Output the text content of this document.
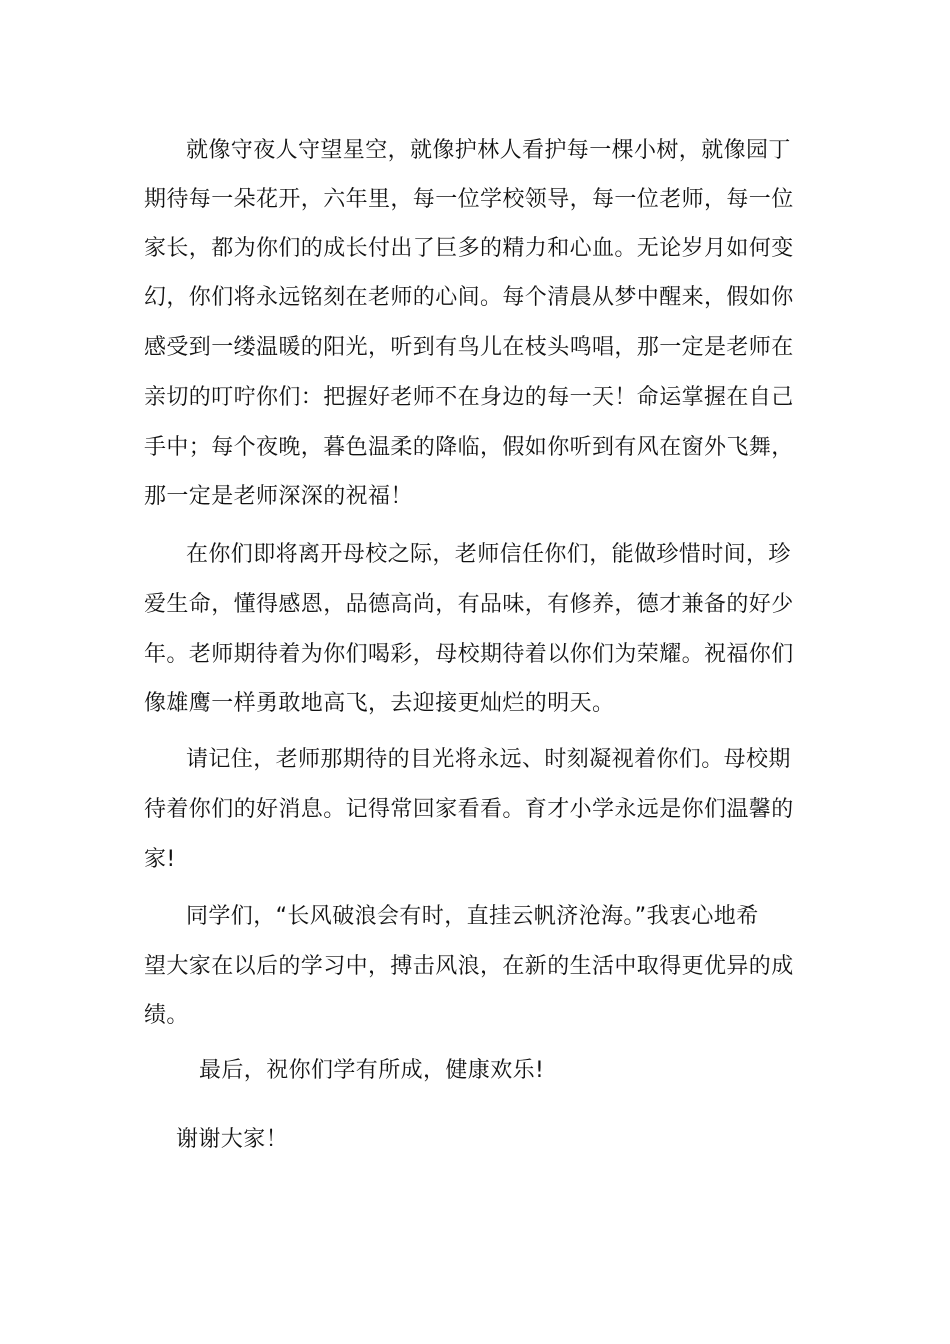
就像守夜人守望星空，就像护林人看护每一棵小树，就像园丁
期待每一朵花开，六年里，每一位学校领导，每一位老师，每一位
家长，都为你们的成长付出了巨多的精力和心血。无论岁月如何变
幻，你们将永远铭刻在老师的心间。每个清晨从梦中醒来，假如你
感受到一缕温暖的阳光，听到有鸟儿在枝头鸣唱，那一定是老师在
亲切的叮咛你们：把握好老师不在身边的每一天！命运掌握在自己
手中；每个夜晚，暮色温柔的降临，假如你听到有风在窗外飞舞，
那一定是老师深深的祝福！
在你们即将离开母校之际，老师信任你们，能做珍惜时间，珍
爱生命，懂得感恩，品德高尚，有品味，有修养，德才兼备的好少
年。老师期待着为你们喝彩，母校期待着以你们为荣耀。祝福你们
像雄鹰一样勇敢地高飞，去迎接更灿烂的明天。
请记住，老师那期待的目光将永远、时刻凝视着你们。母校期
待着你们的好消息。记得常回家看看。育才小学永远是你们温馨的
家!
同学们，“长风破浪会有时，直挂云帆济沧海。”我衷心地希
望大家在以后的学习中，搏击风浪，在新的生活中取得更优异的成
绩。
最后，祝你们学有所成，健康欢乐!
谢谢大家！
